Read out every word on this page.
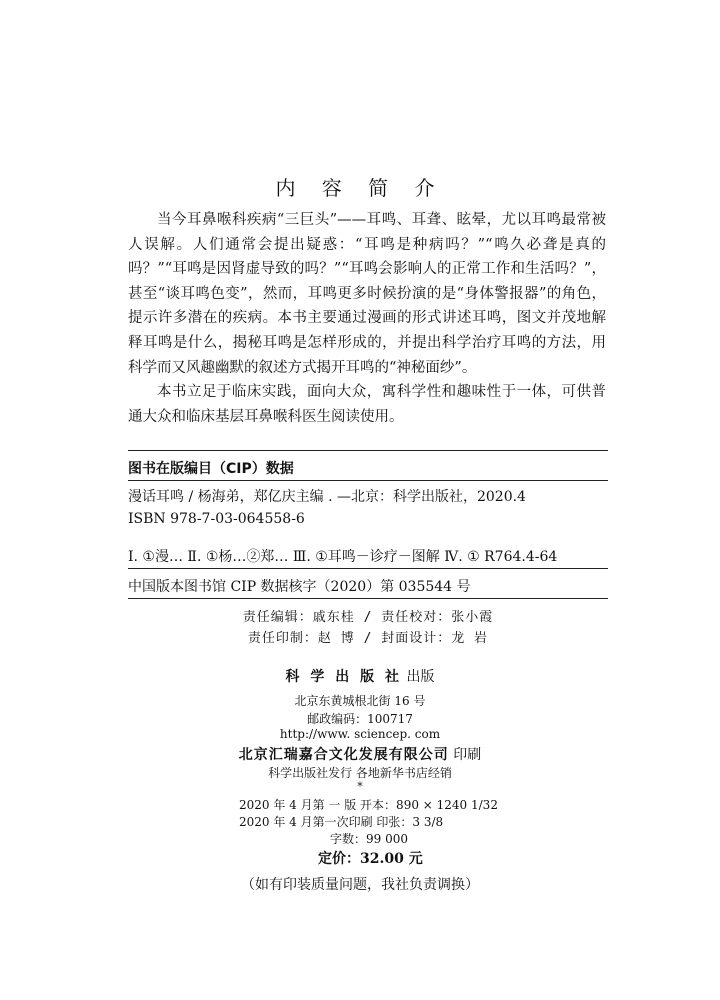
内 容 简 介

当今耳鼻喉科疾病“三巨头”——耳鸣、耳聋、眩晕，尤以耳鸣最常被人误解。人们通常会提出疑惑：“耳鸣是种病吗？”“鸣久必聋是真的吗？”“耳鸣是因肾虚导致的吗？”“耳鸣会影响人的正常工作和生活吗？”，甚至“谈耳鸣色变”，然而，耳鸣更多时候扮演的是“身体警报器”的角色，提示许多潜在的疾病。本书主要通过漫画的形式讲述耳鸣，图文并茂地解释耳鸣是什么，揭秘耳鸣是怎样形成的，并提出科学治疗耳鸣的方法，用科学而又风趣幽默的叙述方式揭开耳鸣的“神秘面纱”。

本书立足于临床实践，面向大众，寓科学性和趣味性于一体，可供普通大众和临床基层耳鼻喉科医生阅读使用。

图书在版编目（CIP）数据
漫话耳鸣 / 杨海弟，郑亿庆主编 . —北京：科学出版社，2020.4
ISBN 978-7-03-064558-6
Ⅰ. ①漫… Ⅱ. ①杨…②郑… Ⅲ. ①耳鸣－诊疗－图解 Ⅳ. ① R764.4-64
中国版本图书馆 CIP 数据核字（2020）第 035544 号
责任编辑：戚东桂 / 责任校对：张小霞
责任印制：赵 博 / 封面设计：龙 岩
科 学 出 版 社 出版
北京东黄城根北街 16 号
邮政编码：100717
http://www. sciencep. com
北京汇瑞嘉合文化发展有限公司 印刷
科学出版社发行 各地新华书店经销
*
2020 年 4 月第 一 版 开本：890 × 1240 1/32
2020 年 4 月第一次印刷 印张：3 3/8
字数：99 000
定价：32.00 元
（如有印装质量问题，我社负责调换）
